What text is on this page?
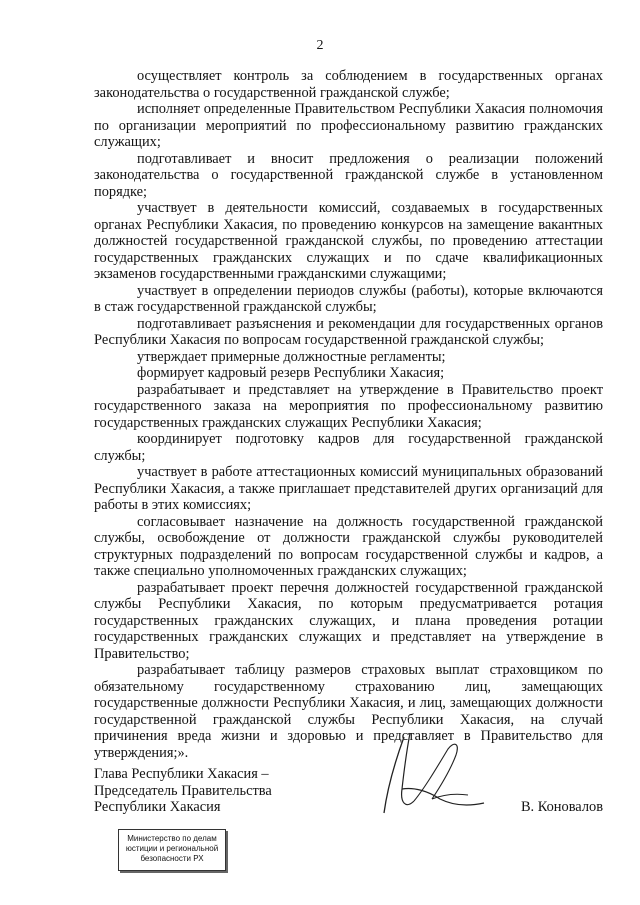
2

осуществляет контроль за соблюдением в государственных органах законодательства о государственной гражданской службе;

исполняет определенные Правительством Республики Хакасия полномочия по организации мероприятий по профессиональному развитию гражданских служащих;

подготавливает и вносит предложения о реализации положений законодательства о государственной гражданской службе в установленном порядке;

участвует в деятельности комиссий, создаваемых в государственных органах Республики Хакасия, по проведению конкурсов на замещение вакантных должностей государственной гражданской службы, по проведению аттестации государственных гражданских служащих и по сдаче квалификационных экзаменов государственными гражданскими служащими;

участвует в определении периодов службы (работы), которые включаются в стаж государственной гражданской службы;

подготавливает разъяснения и рекомендации для государственных органов Республики Хакасия по вопросам государственной гражданской службы;

утверждает примерные должностные регламенты;

формирует кадровый резерв Республики Хакасия;

разрабатывает и представляет на утверждение в Правительство проект государственного заказа на мероприятия по профессиональному развитию государственных гражданских служащих Республики Хакасия;

координирует подготовку кадров для государственной гражданской службы;

участвует в работе аттестационных комиссий муниципальных образований Республики Хакасия, а также приглашает представителей других организаций для работы в этих комиссиях;

согласовывает назначение на должность государственной гражданской службы, освобождение от должности гражданской службы руководителей структурных подразделений по вопросам государственной службы и кадров, а также специально уполномоченных гражданских служащих;

разрабатывает проект перечня должностей государственной гражданской службы Республики Хакасия, по которым предусматривается ротация государственных гражданских служащих, и плана проведения ротации государственных гражданских служащих и представляет на утверждение в Правительство;

разрабатывает таблицу размеров страховых выплат страховщиком по обязательному государственному страхованию лиц, замещающих государственные должности Республики Хакасия, и лиц, замещающих должности государственной гражданской службы Республики Хакасия, на случай причинения вреда жизни и здоровью и представляет в Правительство для утверждения;».

Глава Республики Хакасия –
Председатель Правительства
Республики Хакасия	В. Коновалов
Министерство по делам
юстиции и региональной
безопасности РХ
